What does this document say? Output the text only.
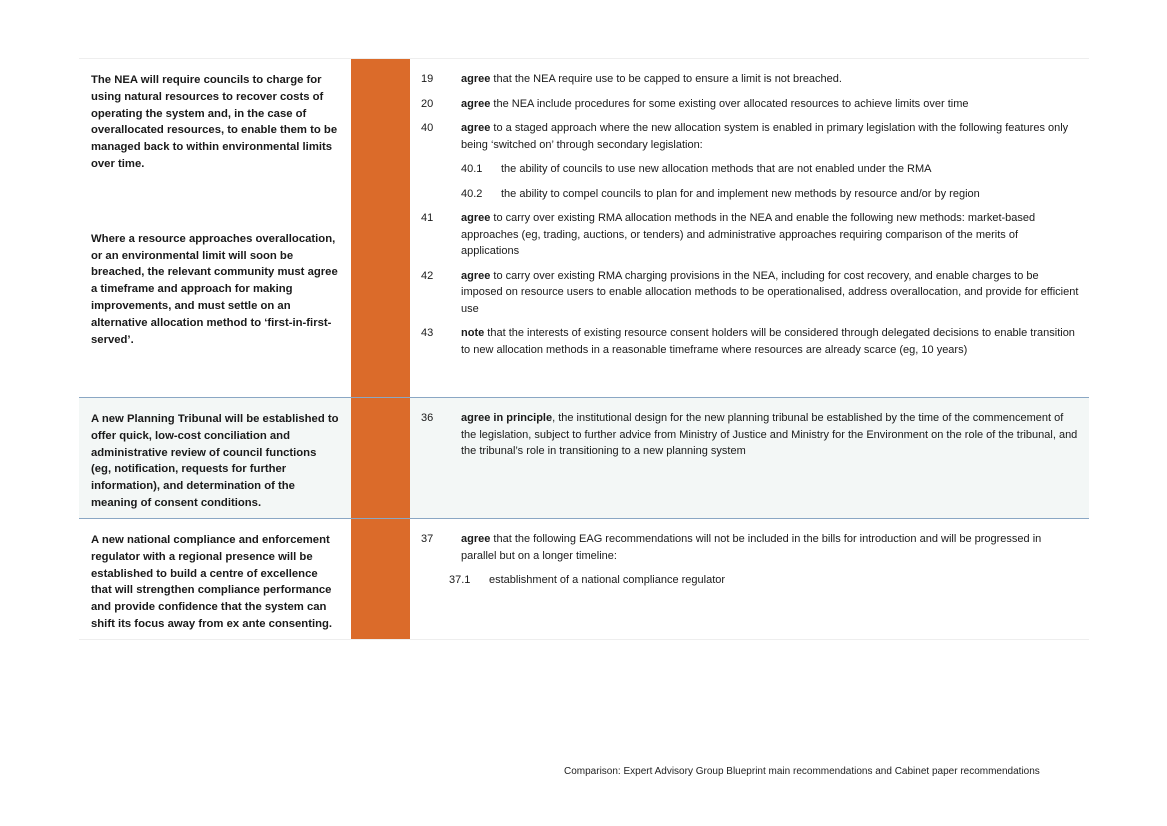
The NEA will require councils to charge for using natural resources to recover costs of operating the system and, in the case of overallocated resources, to enable them to be managed back to within environmental limits over time.

Where a resource approaches overallocation, or an environmental limit will soon be breached, the relevant community must agree a timeframe and approach for making improvements, and must settle on an alternative allocation method to ‘first-in-first-served’.

19	agree that the NEA require use to be capped to ensure a limit is not breached.
20	agree the NEA include procedures for some existing over allocated resources to achieve limits over time
40	agree to a staged approach where the new allocation system is enabled in primary legislation with the following features only being ‘switched on’ through secondary legislation:
40.1	the ability of councils to use new allocation methods that are not enabled under the RMA
40.2	the ability to compel councils to plan for and implement new methods by resource and/or by region
41	agree to carry over existing RMA allocation methods in the NEA and enable the following new methods: market-based approaches (eg, trading, auctions, or tenders) and administrative approaches requiring comparison of the merits of applications
42	agree to carry over existing RMA charging provisions in the NEA, including for cost recovery, and enable charges to be imposed on resource users to enable allocation methods to be operationalised, address overallocation, and provide for efficient use
43	note that the interests of existing resource consent holders will be considered through delegated decisions to enable transition to new allocation methods in a reasonable timeframe where resources are already scarce (eg, 10 years)

A new Planning Tribunal will be established to offer quick, low-cost conciliation and administrative review of council functions (eg, notification, requests for further information), and determination of the meaning of consent conditions.

36	agree in principle, the institutional design for the new planning tribunal be established by the time of the commencement of the legislation, subject to further advice from Ministry of Justice and Ministry for the Environment on the role of the tribunal, and the tribunal’s role in transitioning to a new planning system

A new national compliance and enforcement regulator with a regional presence will be established to build a centre of excellence that will strengthen compliance performance and provide confidence that the system can shift its focus away from ex ante consenting.

37	agree that the following EAG recommendations will not be included in the bills for introduction and will be progressed in parallel but on a longer timeline:
37.1	establishment of a national compliance regulator
Comparison: Expert Advisory Group Blueprint main recommendations and Cabinet paper recommendations
